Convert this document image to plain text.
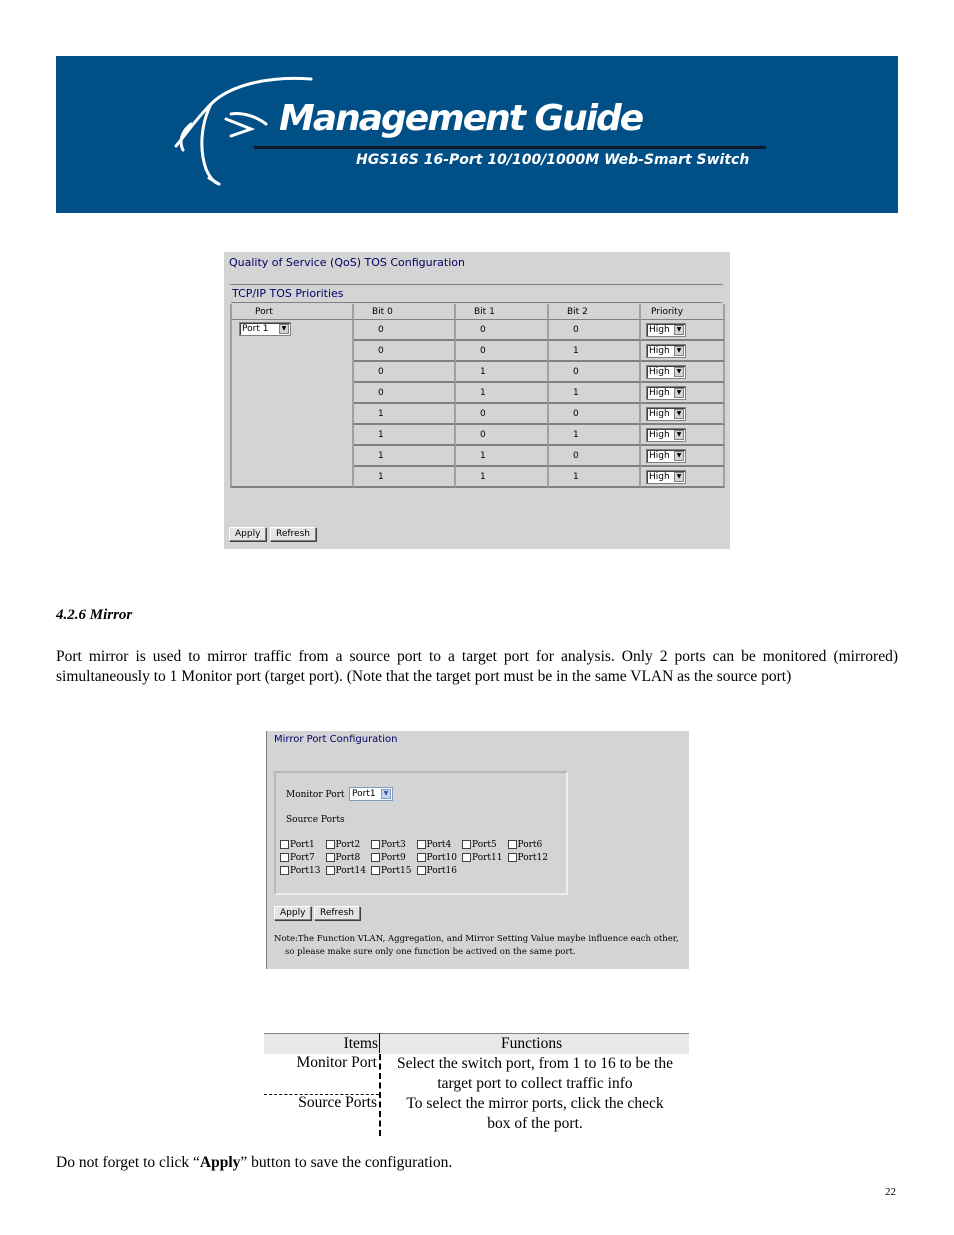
Management Guide
HGS16S 16-Port 10/100/1000M Web-Smart Switch
Quality of Service (QoS) TOS Configuration
TCP/IP TOS Priorities
Port	Bit 0	Bit 1	Bit 2	Priority
Port 1 ▼	0	0	0	High ▼

	0	0	1	High ▼

	0	1	0	High ▼

	0	1	1	High ▼

	1	0	0	High ▼

	1	0	1	High ▼

	1	1	0	High ▼

	1	1	1	High ▼
Apply	Refresh
4.2.6 Mirror
Port mirror is used to mirror traffic from a source port to a target port for analysis. Only 2 ports can be monitored (mirrored) simultaneously to 1 Monitor port (target port). (Note that the target port must be in the same VLAN as the source port)
Mirror Port Configuration
Monitor Port Port1	▼
Source Ports
Port1	Port2	Port3	Port4	Port5	Port6
Port7	Port8	Port9	Port10	Port11	Port12
Port13	Port14	Port15	Port16
Apply	Refresh
Note:The Function VLAN, Aggregation, and Mirror Setting Value maybe influence each other,
so please make sure only one function be actived on the same port.
Items	Functions
Monitor Port	Select the switch port, from 1 to 16 to be the
target port to collect traffic info
Source Ports	To select the mirror ports, click the check
box of the port.
Do not forget to click “Apply” button to save the configuration.
22
